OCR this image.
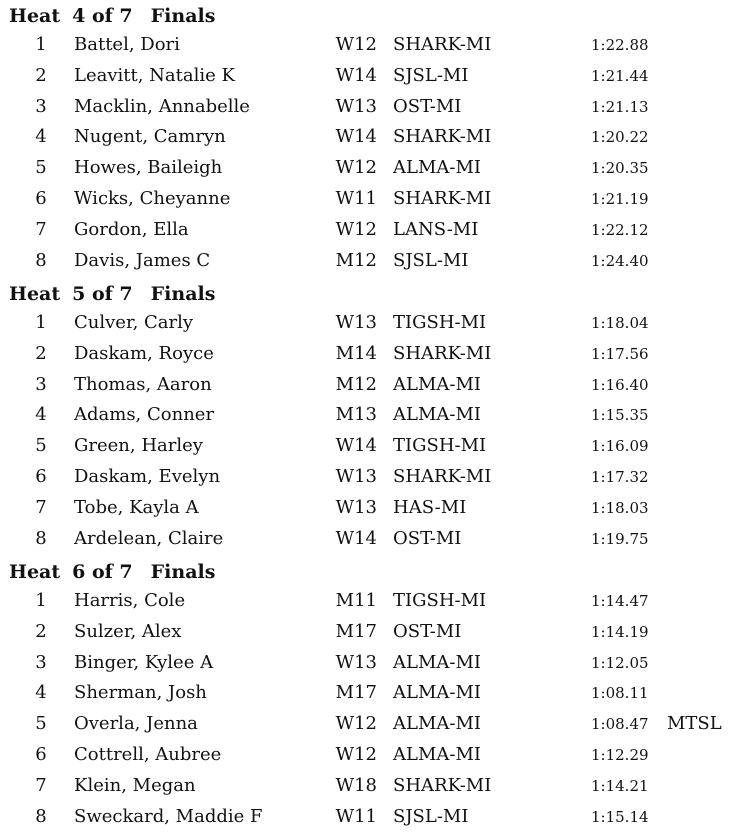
Heat 4 of 7 Finals
1 Battel, Dori	W12 SHARK-MI	1:22.88
2 Leavitt, Natalie K	W14 SJSL-MI	1:21.44
3 Macklin, Annabelle	W13 OST-MI	1:21.13
4 Nugent, Camryn	W14 SHARK-MI	1:20.22
5 Howes, Baileigh	W12 ALMA-MI	1:20.35
6 Wicks, Cheyanne	W11 SHARK-MI	1:21.19
7 Gordon, Ella	W12 LANS-MI	1:22.12
8 Davis, James C	M12 SJSL-MI	1:24.40
Heat 5 of 7 Finals
1 Culver, Carly	W13 TIGSH-MI	1:18.04
2 Daskam, Royce	M14 SHARK-MI	1:17.56
3 Thomas, Aaron	M12 ALMA-MI	1:16.40
4 Adams, Conner	M13 ALMA-MI	1:15.35
5 Green, Harley	W14 TIGSH-MI	1:16.09
6 Daskam, Evelyn	W13 SHARK-MI	1:17.32
7 Tobe, Kayla A	W13 HAS-MI	1:18.03
8 Ardelean, Claire	W14 OST-MI	1:19.75
Heat 6 of 7 Finals
1 Harris, Cole	M11 TIGSH-MI	1:14.47
2 Sulzer, Alex	M17 OST-MI	1:14.19
3 Binger, Kylee A	W13 ALMA-MI	1:12.05
4 Sherman, Josh	M17 ALMA-MI	1:08.11
5 Overla, Jenna	W12 ALMA-MI	1:08.47 MTSL
6 Cottrell, Aubree	W12 ALMA-MI	1:12.29
7 Klein, Megan	W18 SHARK-MI	1:14.21
8 Sweckard, Maddie F	W11 SJSL-MI	1:15.14
